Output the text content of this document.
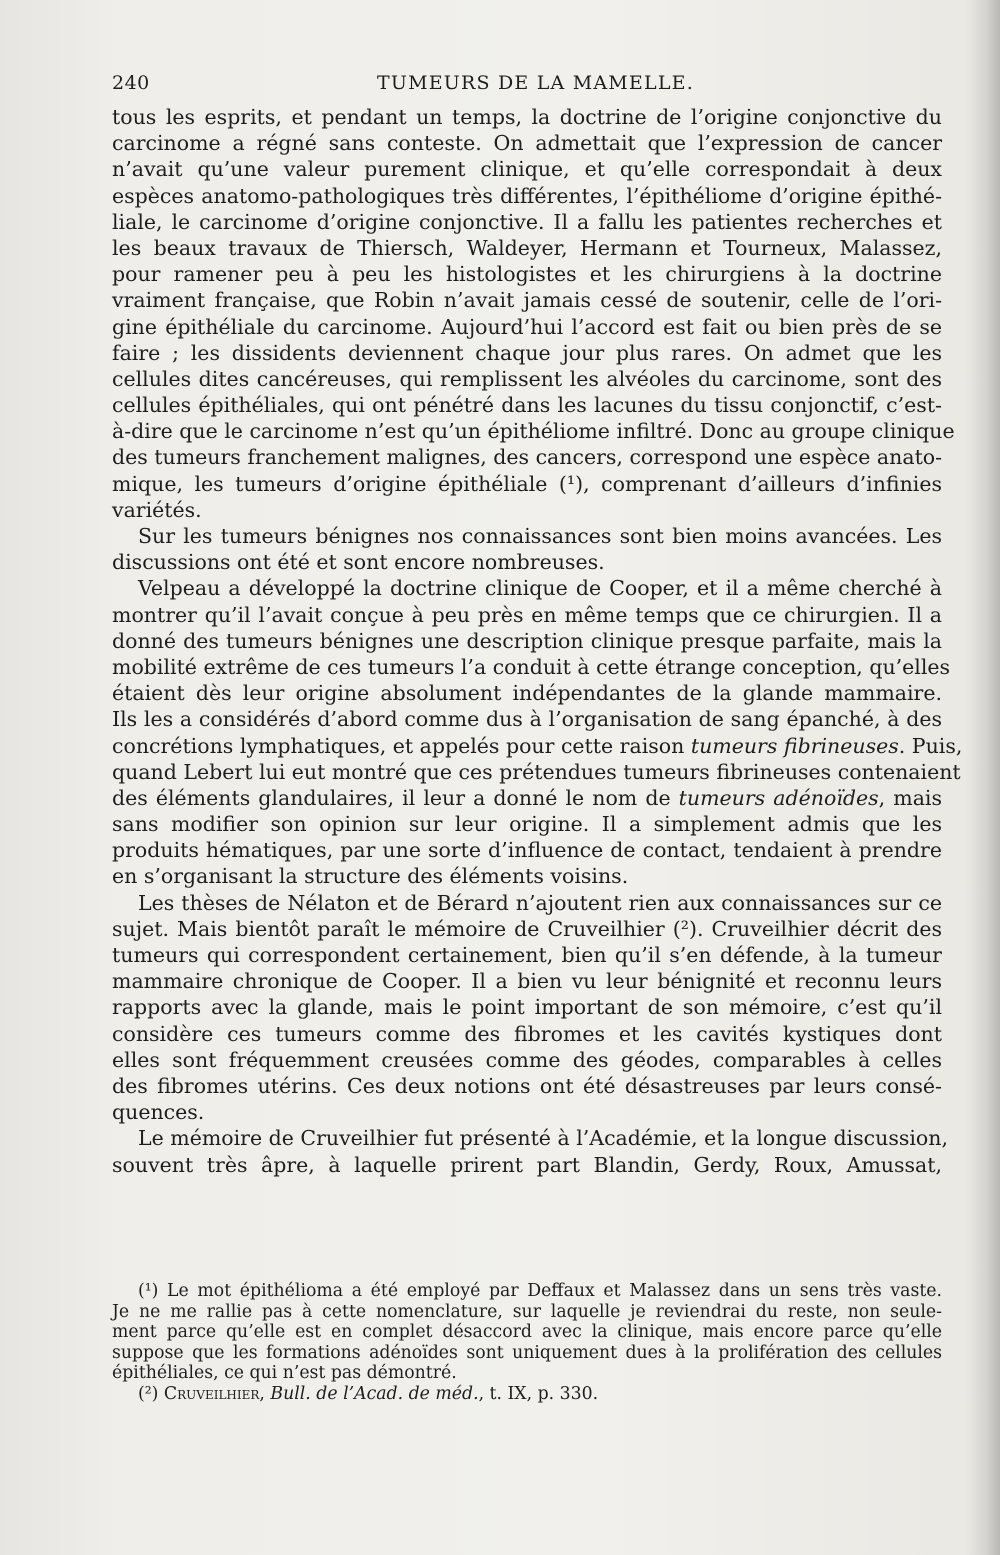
240	TUMEURS DE LA MAMELLE.
tous les esprits, et pendant un temps, la doctrine de l’origine conjonctive du
carcinome a régné sans conteste. On admettait que l’expression de cancer
n’avait qu’une valeur purement clinique, et qu’elle correspondait à deux
espèces anatomo-pathologiques très différentes, l’épithéliome d’origine épithé-
liale, le carcinome d’origine conjonctive. Il a fallu les patientes recherches et
les beaux travaux de Thiersch, Waldeyer, Hermann et Tourneux, Malassez,
pour ramener peu à peu les histologistes et les chirurgiens à la doctrine
vraiment française, que Robin n’avait jamais cessé de soutenir, celle de l’ori-
gine épithéliale du carcinome. Aujourd’hui l’accord est fait ou bien près de se
faire ; les dissidents deviennent chaque jour plus rares. On admet que les
cellules dites cancéreuses, qui remplissent les alvéoles du carcinome, sont des
cellules épithéliales, qui ont pénétré dans les lacunes du tissu conjonctif, c’est-
à-dire que le carcinome n’est qu’un épithéliome infiltré. Donc au groupe clinique
des tumeurs franchement malignes, des cancers, correspond une espèce anato-
mique, les tumeurs d’origine épithéliale (¹), comprenant d’ailleurs d’infinies
variétés.
Sur les tumeurs bénignes nos connaissances sont bien moins avancées. Les
discussions ont été et sont encore nombreuses.
Velpeau a développé la doctrine clinique de Cooper, et il a même cherché à
montrer qu’il l’avait conçue à peu près en même temps que ce chirurgien. Il a
donné des tumeurs bénignes une description clinique presque parfaite, mais la
mobilité extrême de ces tumeurs l’a conduit à cette étrange conception, qu’elles
étaient dès leur origine absolument indépendantes de la glande mammaire.
Ils les a considérés d’abord comme dus à l’organisation de sang épanché, à des
concrétions lymphatiques, et appelés pour cette raison tumeurs fibrineuses. Puis,
quand Lebert lui eut montré que ces prétendues tumeurs fibrineuses contenaient
des éléments glandulaires, il leur a donné le nom de tumeurs adénoïdes, mais
sans modifier son opinion sur leur origine. Il a simplement admis que les
produits hématiques, par une sorte d’influence de contact, tendaient à prendre
en s’organisant la structure des éléments voisins.
Les thèses de Nélaton et de Bérard n’ajoutent rien aux connaissances sur ce
sujet. Mais bientôt paraît le mémoire de Cruveilhier (²). Cruveilhier décrit des
tumeurs qui correspondent certainement, bien qu’il s’en défende, à la tumeur
mammaire chronique de Cooper. Il a bien vu leur bénignité et reconnu leurs
rapports avec la glande, mais le point important de son mémoire, c’est qu’il
considère ces tumeurs comme des fibromes et les cavités kystiques dont
elles sont fréquemment creusées comme des géodes, comparables à celles
des fibromes utérins. Ces deux notions ont été désastreuses par leurs consé-
quences.
Le mémoire de Cruveilhier fut présenté à l’Académie, et la longue discussion,
souvent très âpre, à laquelle prirent part Blandin, Gerdy, Roux, Amussat,
(¹) Le mot épithélioma a été employé par Deffaux et Malassez dans un sens très vaste.
Je ne me rallie pas à cette nomenclature, sur laquelle je reviendrai du reste, non seule-
ment parce qu’elle est en complet désaccord avec la clinique, mais encore parce qu’elle
suppose que les formations adénoïdes sont uniquement dues à la prolifération des cellules
épithéliales, ce qui n’est pas démontré.
(²) Cruveilhier, Bull. de l’Acad. de méd., t. IX, p. 330.
